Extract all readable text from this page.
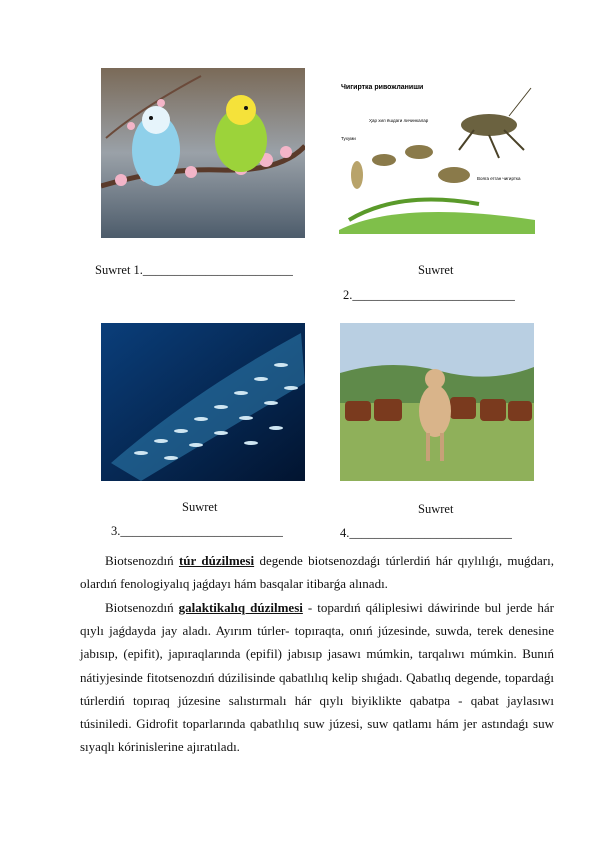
Suwret 1.________________________
Чигиртка ривожланиши
Ҳар хил ёшдаги личинкалар
Тухуми
Вояга етган чигиртка
Suwret
2.__________________________
Suwret
3.__________________________
Suwret
4.__________________________

Biotsenozdıń túr dúzilmesi degende biotsenozdaǵı túrlerdiń hár qıylılıǵı, muǵdarı, olardıń fenologiyalıq jaǵdayı hám basqalar itibarǵa alınadı.

Biotsenozdıń galaktikalıq dúzilmesi - topardıń qáliplesiwi dáwirinde bul jerde hár qıylı jaǵdayda jay aladı. Ayırım túrler- topıraqta, onıń júzesinde, suwda, terek denesine jabısıp, (epifit), japıraqlarında (epifil) jabısıp jasawı múmkin, tarqalıwı múmkin. Bunıń nátiyjesinde fitotsenozdıń dúzilisinde qabatlılıq kelip shıǵadı. Qabatlıq degende, topardaǵı túrlerdiń topıraq júzesine salıstırmalı hár qıylı biyiklikte qabatpa - qabat jaylasıwı túsiniledi. Gidrofit toparlarında qabatlılıq suw júzesi, suw qatlamı hám jer astındaǵı suw sıyaqlı kórinislerine ajıratıladı.
